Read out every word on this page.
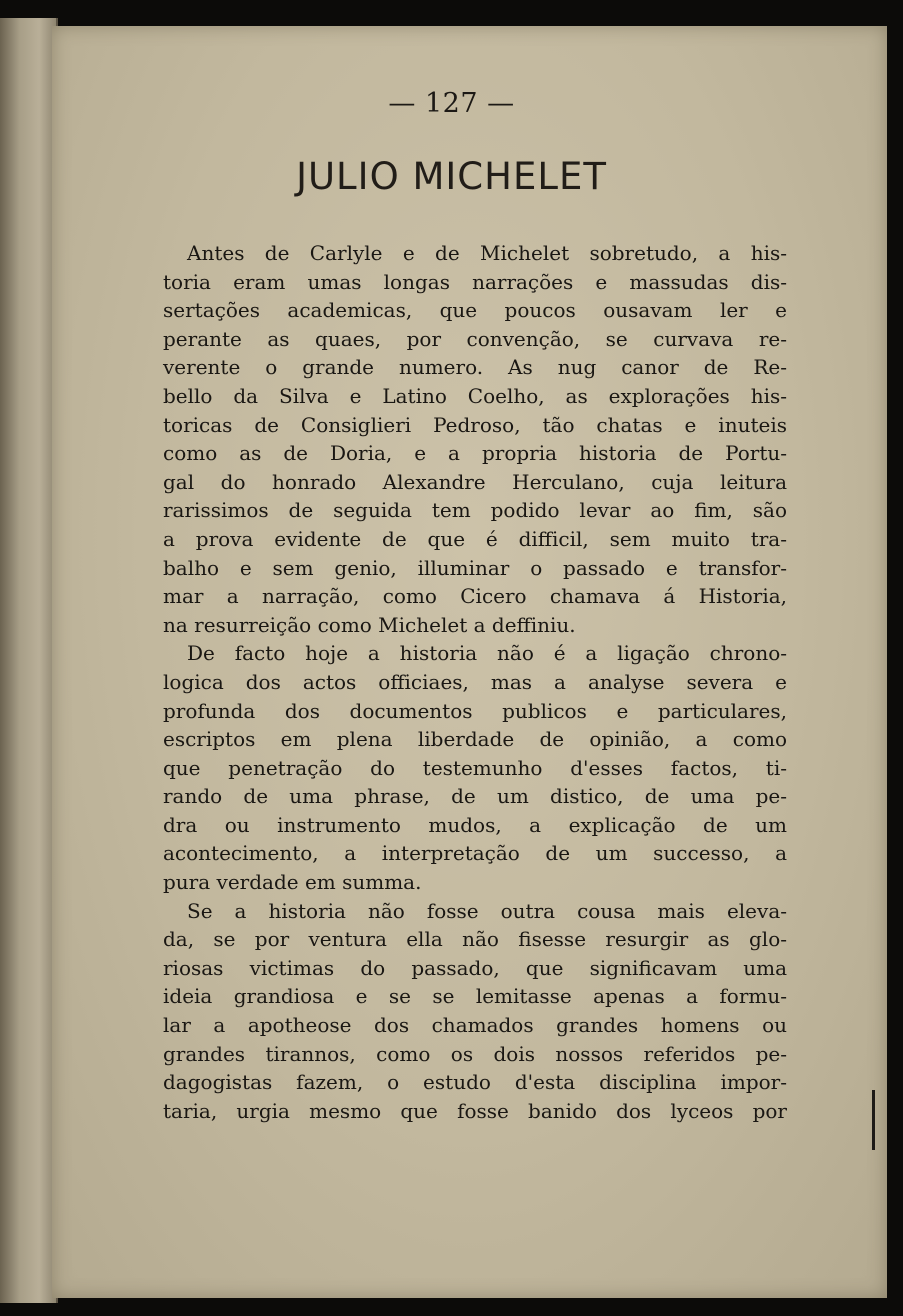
— 127 —
JULIO MICHELET
Antes de Carlyle e de Michelet sobretudo, a his-
toria eram umas longas narrações e massudas dis-
sertações academicas, que poucos ousavam ler e
perante as quaes, por convenção, se curvava re-
verente o grande numero. As nug canor de Re-
bello da Silva e Latino Coelho, as explorações his-
toricas de Consiglieri Pedroso, tão chatas e inuteis
como as de Doria, e a propria historia de Portu-
gal do honrado Alexandre Herculano, cuja leitura
rarissimos de seguida tem podido levar ao fim, são
a prova evidente de que é difficil, sem muito tra-
balho e sem genio, illuminar o passado e transfor-
mar a narração, como Cicero chamava á Historia,
na resurreição como Michelet a deffiniu.
De facto hoje a historia não é a ligação chrono-
logica dos actos officiaes, mas a analyse severa e
profunda dos documentos publicos e particulares,
escriptos em plena liberdade de opinião, a como
que penetração do testemunho d'esses factos, ti-
rando de uma phrase, de um distico, de uma pe-
dra ou instrumento mudos, a explicação de um
acontecimento, a interpretação de um successo, a
pura verdade em summa.
Se a historia não fosse outra cousa mais eleva-
da, se por ventura ella não fisesse resurgir as glo-
riosas victimas do passado, que significavam uma
ideia grandiosa e se se lemitasse apenas a formu-
lar a apotheose dos chamados grandes homens ou
grandes tirannos, como os dois nossos referidos pe-
dagogistas fazem, o estudo d'esta disciplina impor-
taria, urgia mesmo que fosse banido dos lyceos por
